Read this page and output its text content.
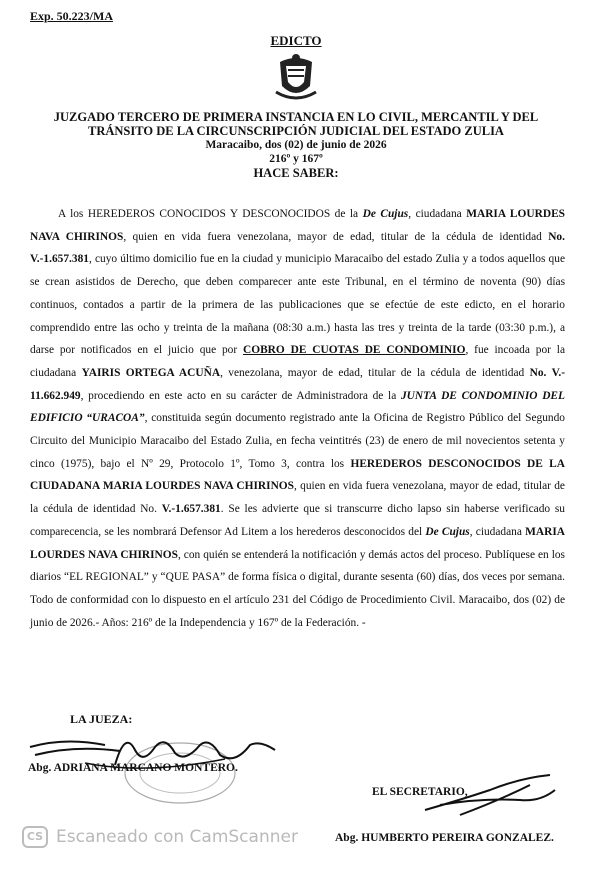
Exp. 50.223/MA
EDICTO
JUZGADO TERCERO DE PRIMERA INSTANCIA EN LO CIVIL, MERCANTIL Y DEL
TRÁNSITO DE LA CIRCUNSCRIPCIÓN JUDICIAL DEL ESTADO ZULIA
Maracaibo, dos (02) de junio de 2026
216º y 167º
HACE SABER:
A los HEREDEROS CONOCIDOS Y DESCONOCIDOS de la De Cujus, ciudadana MARIA LOURDES NAVA CHIRINOS, quien en vida fuera venezolana, mayor de edad, titular de la cédula de identidad No. V.-1.657.381, cuyo último domicilio fue en la ciudad y municipio Maracaibo del estado Zulia y a todos aquellos que se crean asistidos de Derecho, que deben comparecer ante este Tribunal, en el término de noventa (90) días continuos, contados a partir de la primera de las publicaciones que se efectúe de este edicto, en el horario comprendido entre las ocho y treinta de la mañana (08:30 a.m.) hasta las tres y treinta de la tarde (03:30 p.m.), a darse por notificados en el juicio que por COBRO DE CUOTAS DE CONDOMINIO, fue incoada por la ciudadana YAIRIS ORTEGA ACUÑA, venezolana, mayor de edad, titular de la cédula de identidad No. V.- 11.662.949, procediendo en este acto en su carácter de Administradora de la JUNTA DE CONDOMINIO DEL EDIFICIO “URACOA”, constituida según documento registrado ante la Oficina de Registro Público del Segundo Circuito del Municipio Maracaibo del Estado Zulia, en fecha veintitrés (23) de enero de mil novecientos setenta y cinco (1975), bajo el Nº 29, Protocolo 1º, Tomo 3, contra los HEREDEROS DESCONOCIDOS DE LA CIUDADANA MARIA LOURDES NAVA CHIRINOS, quien en vida fuera venezolana, mayor de edad, titular de la cédula de identidad No. V.-1.657.381. Se les advierte que si transcurre dicho lapso sin haberse verificado su comparecencia, se les nombrará Defensor Ad Litem a los herederos desconocidos del De Cujus, ciudadana MARIA LOURDES NAVA CHIRINOS, con quién se entenderá la notificación y demás actos del proceso. Publíquese en los diarios “EL REGIONAL” y “QUE PASA” de forma física o digital, durante sesenta (60) días, dos veces por semana. Todo de conformidad con lo dispuesto en el artículo 231 del Código de Procedimiento Civil. Maracaibo, dos (02) de junio de 2026.- Años: 216º de la Independencia y 167º de la Federación. -
LA JUEZA:
Abg. ADRIANA MARCANO MONTERO.
EL SECRETARIO,
CS Escaneado con CamScanner	Abg. HUMBERTO PEREIRA GONZALEZ.
